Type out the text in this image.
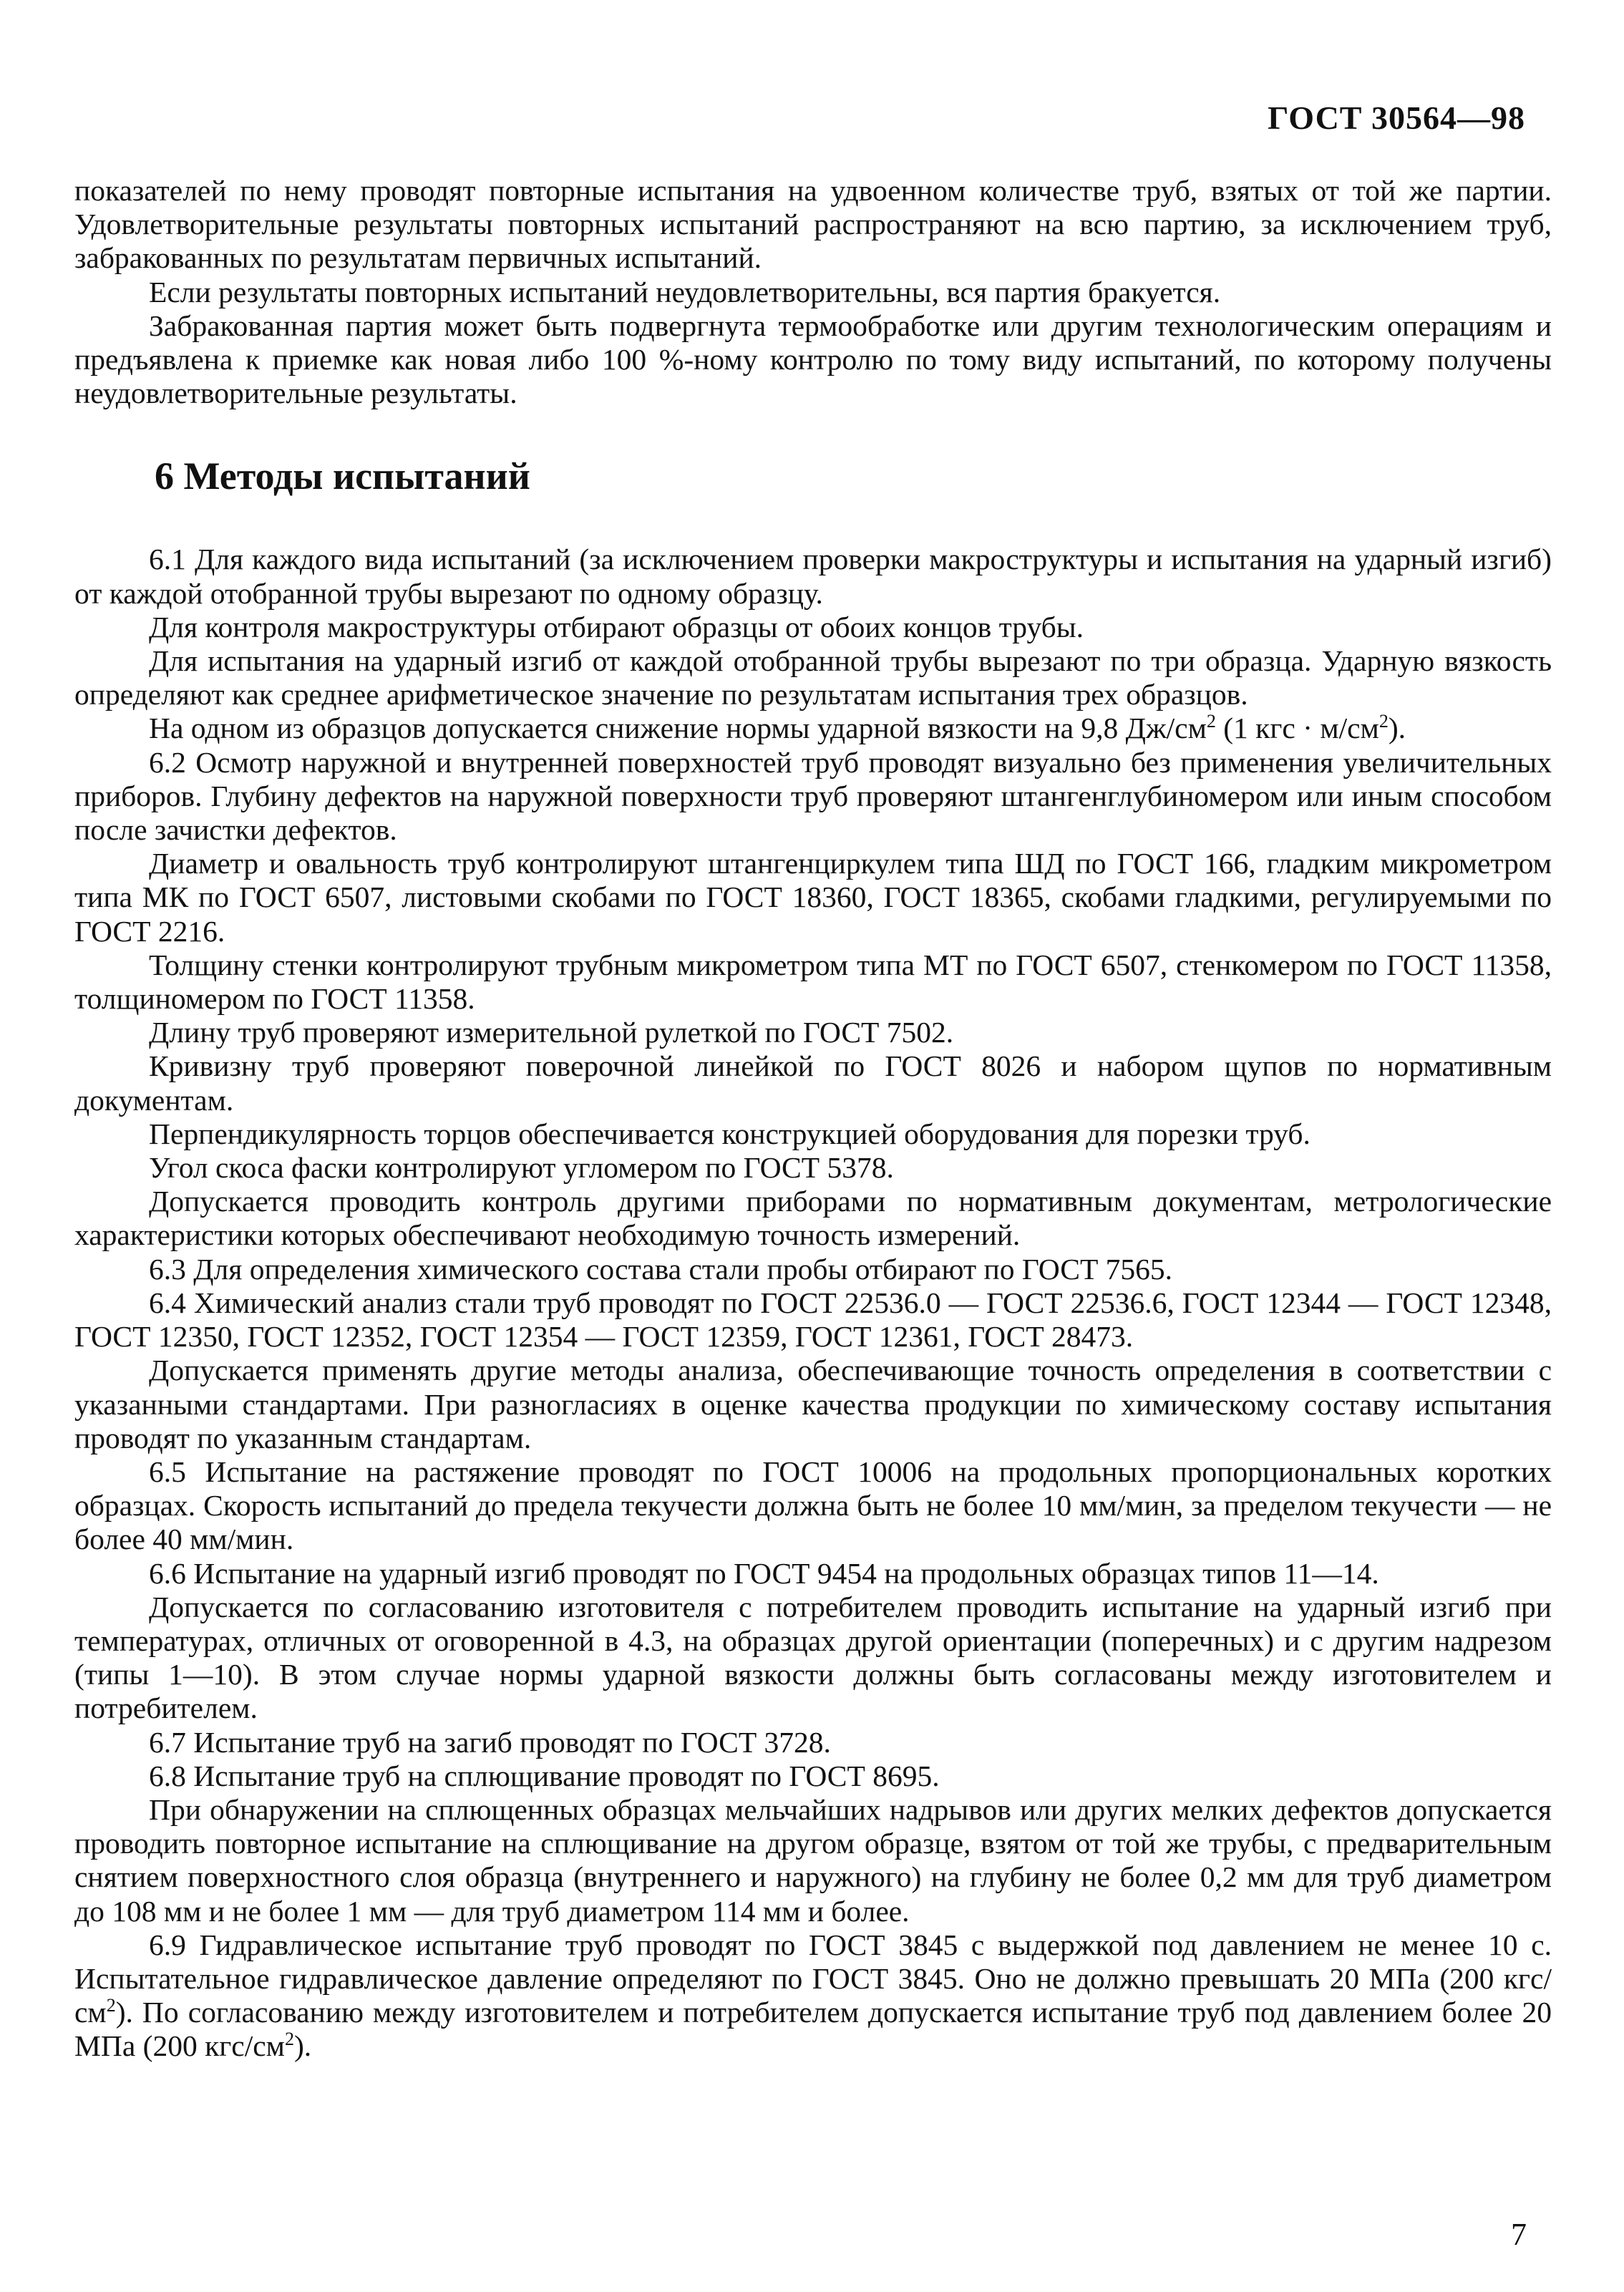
ГОСТ 30564—98

показателей по нему проводят повторные испытания на удвоенном количестве труб, взятых от той же партии. Удовлетворительные результаты повторных испытаний распространяют на всю партию, за исключением труб, забракованных по результатам первичных испытаний.

Если результаты повторных испытаний неудовлетворительны, вся партия бракуется.

Забракованная партия может быть подвергнута термообработке или другим технологическим операциям и предъявлена к приемке как новая либо 100 %-ному контролю по тому виду испытаний, по которому получены неудовлетворительные результаты.

6 Методы испытаний

6.1 Для каждого вида испытаний (за исключением проверки макроструктуры и испытания на ударный изгиб) от каждой отобранной трубы вырезают по одному образцу.

Для контроля макроструктуры отбирают образцы от обоих концов трубы.

Для испытания на ударный изгиб от каждой отобранной трубы вырезают по три образца. Ударную вязкость определяют как среднее арифметическое значение по результатам испытания трех образцов.

На одном из образцов допускается снижение нормы ударной вязкости на 9,8 $Дж/см^2$ (1 кгс · $м/см^2$).

6.2 Осмотр наружной и внутренней поверхностей труб проводят визуально без применения увеличительных приборов. Глубину дефектов на наружной поверхности труб проверяют штангенглубиномером или иным способом после зачистки дефектов.

Диаметр и овальность труб контролируют штангенциркулем типа ШД по ГОСТ 166, гладким микрометром типа МК по ГОСТ 6507, листовыми скобами по ГОСТ 18360, ГОСТ 18365, скобами гладкими, регулируемыми по ГОСТ 2216.

Толщину стенки контролируют трубным микрометром типа МТ по ГОСТ 6507, стенкомером по ГОСТ 11358, толщиномером по ГОСТ 11358.

Длину труб проверяют измерительной рулеткой по ГОСТ 7502.

Кривизну труб проверяют поверочной линейкой по ГОСТ 8026 и набором щупов по нормативным документам.

Перпендикулярность торцов обеспечивается конструкцией оборудования для порезки труб.

Угол скоса фаски контролируют угломером по ГОСТ 5378.

Допускается проводить контроль другими приборами по нормативным документам, метрологические характеристики которых обеспечивают необходимую точность измерений.

6.3 Для определения химического состава стали пробы отбирают по ГОСТ 7565.

6.4 Химический анализ стали труб проводят по ГОСТ 22536.0 — ГОСТ 22536.6, ГОСТ 12344 — ГОСТ 12348, ГОСТ 12350, ГОСТ 12352, ГОСТ 12354 — ГОСТ 12359, ГОСТ 12361, ГОСТ 28473.

Допускается применять другие методы анализа, обеспечивающие точность определения в соответствии с указанными стандартами. При разногласиях в оценке качества продукции по химическому составу испытания проводят по указанным стандартам.

6.5 Испытание на растяжение проводят по ГОСТ 10006 на продольных пропорциональных коротких образцах. Скорость испытаний до предела текучести должна быть не более 10 мм/мин, за пределом текучести — не более 40 мм/мин.

6.6 Испытание на ударный изгиб проводят по ГОСТ 9454 на продольных образцах типов 11—14.

Допускается по согласованию изготовителя с потребителем проводить испытание на ударный изгиб при температурах, отличных от оговоренной в 4.3, на образцах другой ориентации (поперечных) и с другим надрезом (типы 1—10). В этом случае нормы ударной вязкости должны быть согласованы между изготовителем и потребителем.

6.7 Испытание труб на загиб проводят по ГОСТ 3728.

6.8 Испытание труб на сплющивание проводят по ГОСТ 8695.

При обнаружении на сплющенных образцах мельчайших надрывов или других мелких дефектов допускается проводить повторное испытание на сплющивание на другом образце, взятом от той же трубы, с предварительным снятием поверхностного слоя образца (внутреннего и наружного) на глубину не более 0,2 мм для труб диаметром до 108 мм и не более 1 мм — для труб диаметром 114 мм и более.

6.9 Гидравлическое испытание труб проводят по ГОСТ 3845 с выдержкой под давлением не менее 10 с. Испытательное гидравлическое давление определяют по ГОСТ 3845. Оно не должно превышать 20 МПа (200 кгс/$см^2$). По согласованию между изготовителем и потребителем допускается испытание труб под давлением более 20 МПа (200 кгс/$см^2$).

7
